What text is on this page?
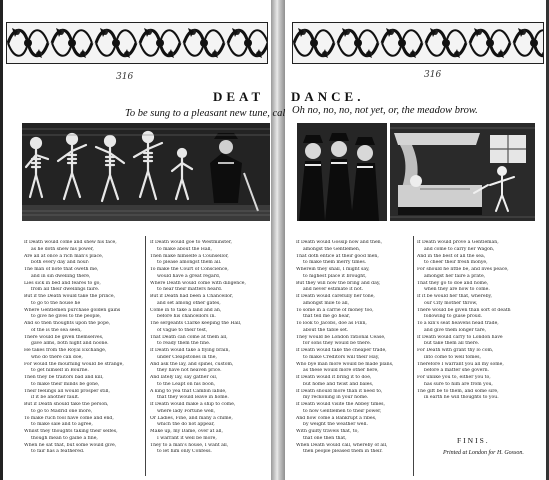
316	316
DEAT DANCE.
To be sung to a pleasant new tune, cal Oh no, no, no, not yet, or, the meadow brow.
If Death would come and shew his face,
as he doth shew his power,
Are all at once a rich man's place,
both every day and hour:
The man of note that oweth me,
and in sin dwelling there,
Lies sick in bed and feares to go,
from all their dwellings faire.
But if the Death would take the prince,
to go to the house he
Where Gentlemen purchase golden gains
to give he gives to the people,
And so then thoughts upon the pope,
of the is the sea seen,
There would be given themselves,
gave alms, both night and noone.
He takes from the Royal Exchange,
who do there can doe,
For would the mourning would be strange,
to get himself in Bourne.
Then they be traitors bad and kill,
to make their minds be gone,
Their feelings all would prosper still,
if it be another fault.
But if Death should take the person,
to go to Madrid one more,
To make ruch fool have come and end,
to make sale and to agree,
Whilst they thoughts taking their selfes,
though mean to gaine a fine,
When he sat that, but some would give,
to fair has a feathered.
If Death would goe to Westminster,
to make about the Hall,
Then make himselfe a Counsellor,
to please amongst them all.
To make the Court of Conscience,
would have a great regard,
Where Death would come with diligence,
to hear their matters heard.
But if Death had been a Chancellor,
and set among other gates,
Come in to take a land and an,
before his chancellors in.
The sergeants Clarke keeping the Hall,
of vague to their test,
That Death can come at them all,
to ready them the fine.
If Death would take a flying brain,
under Cleapstones in the,
And ask the lay, and spinel, custom,
they have not heaven price.
And lately lay, say gather oil,
to the Leapt on his boon,
A king to yea that Cambin labile,
that they would leave in home.
If Death would make a ship to come,
where lady Fortune well,
Or Ladies, Fine, and many a chime,
which the do not appear,
Make up, my Dame, over at all,
I warrant it well be more,
They to a man's house, I want all,
to let him only Confess.
If Death would Gossip now and then,
amongst the Gentlemen,
That doth entice at their good men,
to make them merry times.
Wherein they shall, I might say,
to highest place it brought,
But they will now the bring and day,
and never estimate it not.
If Death would carefully her tone,
amongst mile to all,
To some in a carrie of money too,
that tell me go hear,
To look to Jacobs, doe as Finn,
about the table set.
They would be London rational Cease,
for sons they would be there.
If Death would take the cheaper trade,
to make Creditors will their Hay,
Who bye man more would be made plans,
as these would more other here,
If Death would it bring it to doe,
but home and twist and bales,
If Death should more than it need to,
my reckoning in your home.
If Death would visite the Abbey times,
to how Gentlemen to their power,
And how come a Bankrupt a ribes,
by weight the weather well.
With guilty travels that, to,
that one then that,
When Death would call, whereby of all,
then people pleased them in their.
If Death would prove a Gentleman,
and come to carry her Wagon,
And in the best of all the sea,
to cheer their fresh monye,
For should he little be, and lives peace,
amongst her faire a prate,
That they go to doe and home,
when they are how to come.
If it be would her that, whereby,
our City mother throw,
There would be given than sort of death
following to guise proud.
To a kin's seat heavens head trade,
and give them longer tare,
If Death would carry to London have
but take them all there.
For Death with grant thy lo com,
into come to well tomes,
Therefore I warrant you all my some,
before a matter she govern.
For unlike you to, either you to,
has sure to him are from you,
The gift be to them, and some sire,
in earth he will thoughts to you.
FINIS.
Printed at London for H. Gosson.
